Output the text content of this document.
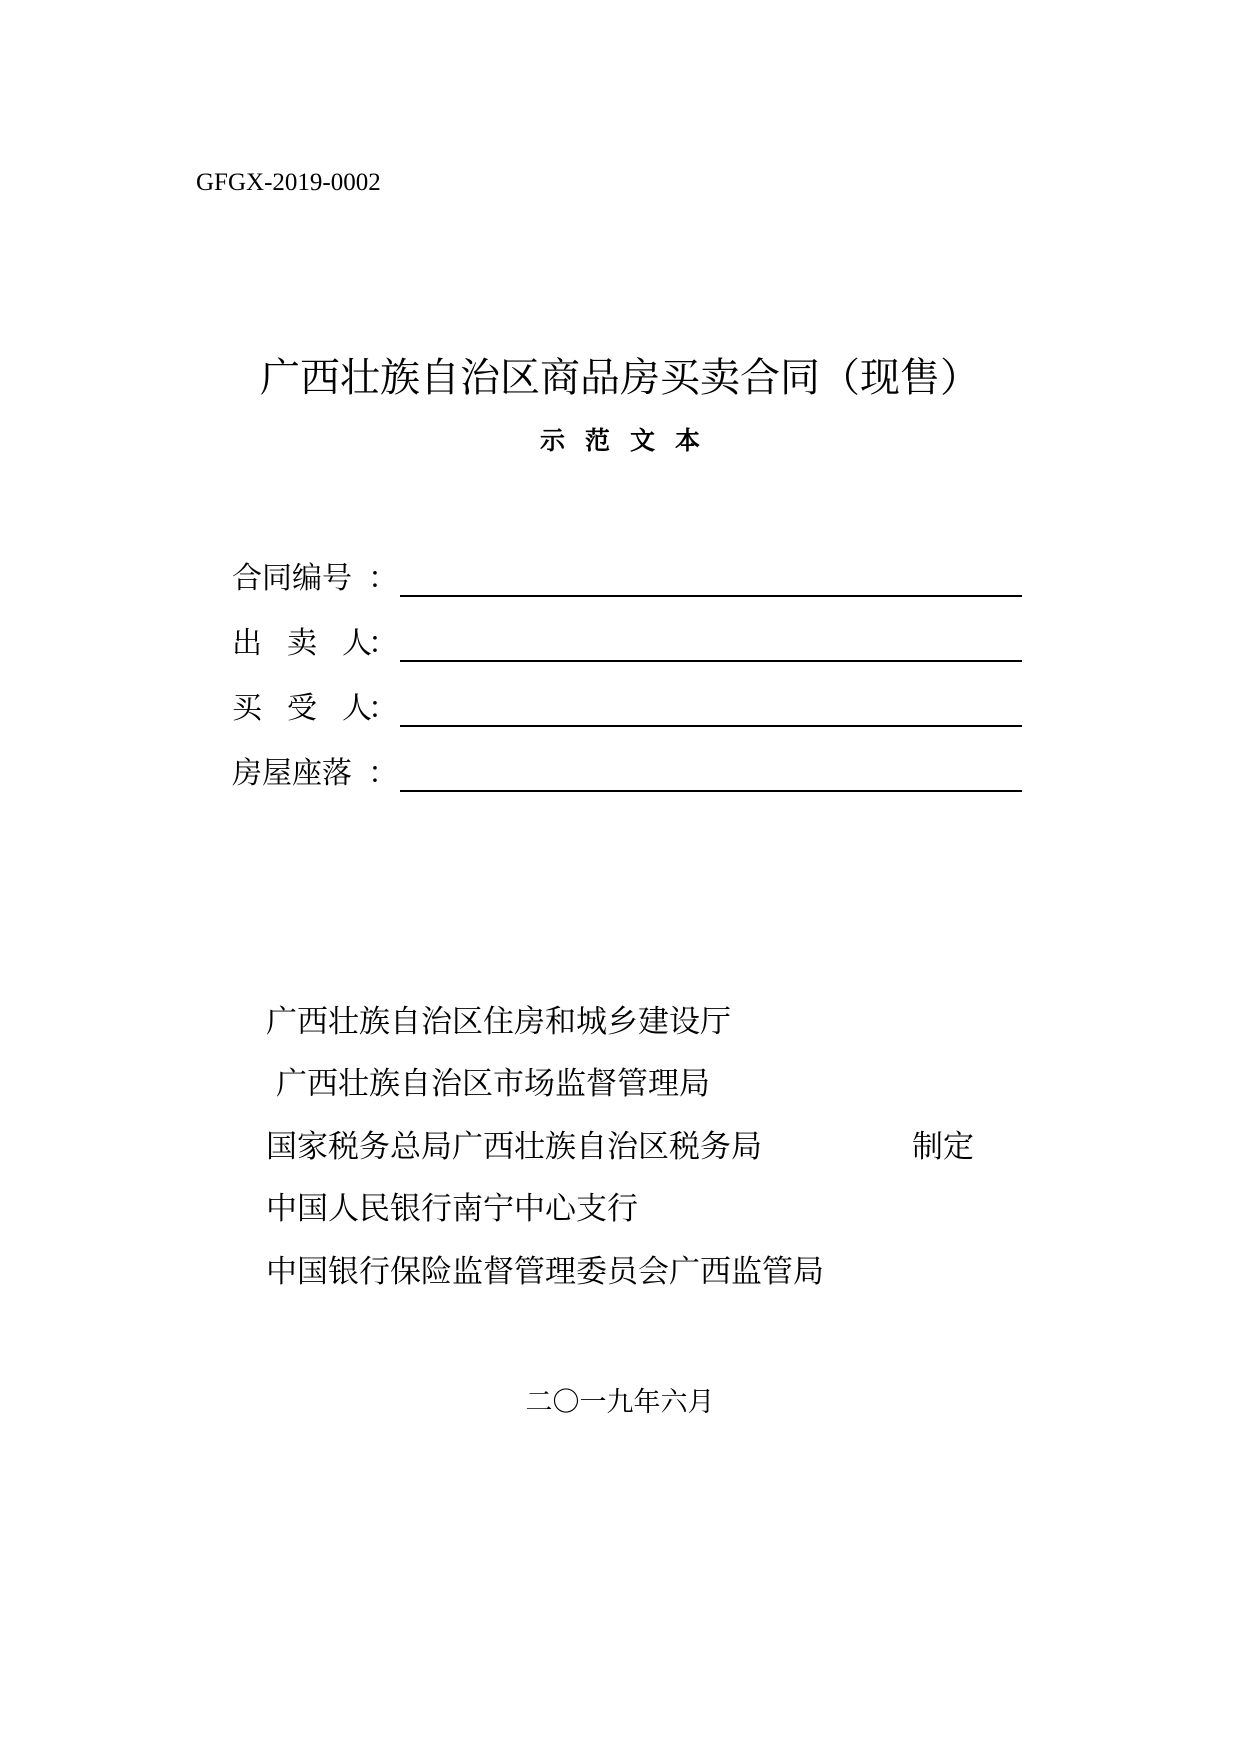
GFGX-2019-0002
广西壮族自治区商品房买卖合同（现售）
示范文本
合同编号 ：
出 卖 人
：
买 受 人
：
房屋座落 ：
广西壮族自治区住房和城乡建设厅
广西壮族自治区市场监督管理局
国家税务总局广西壮族自治区税务局
中国人民银行南宁中心支行
中国银行保险监督管理委员会广西监管局
制定
二〇一九年六月
